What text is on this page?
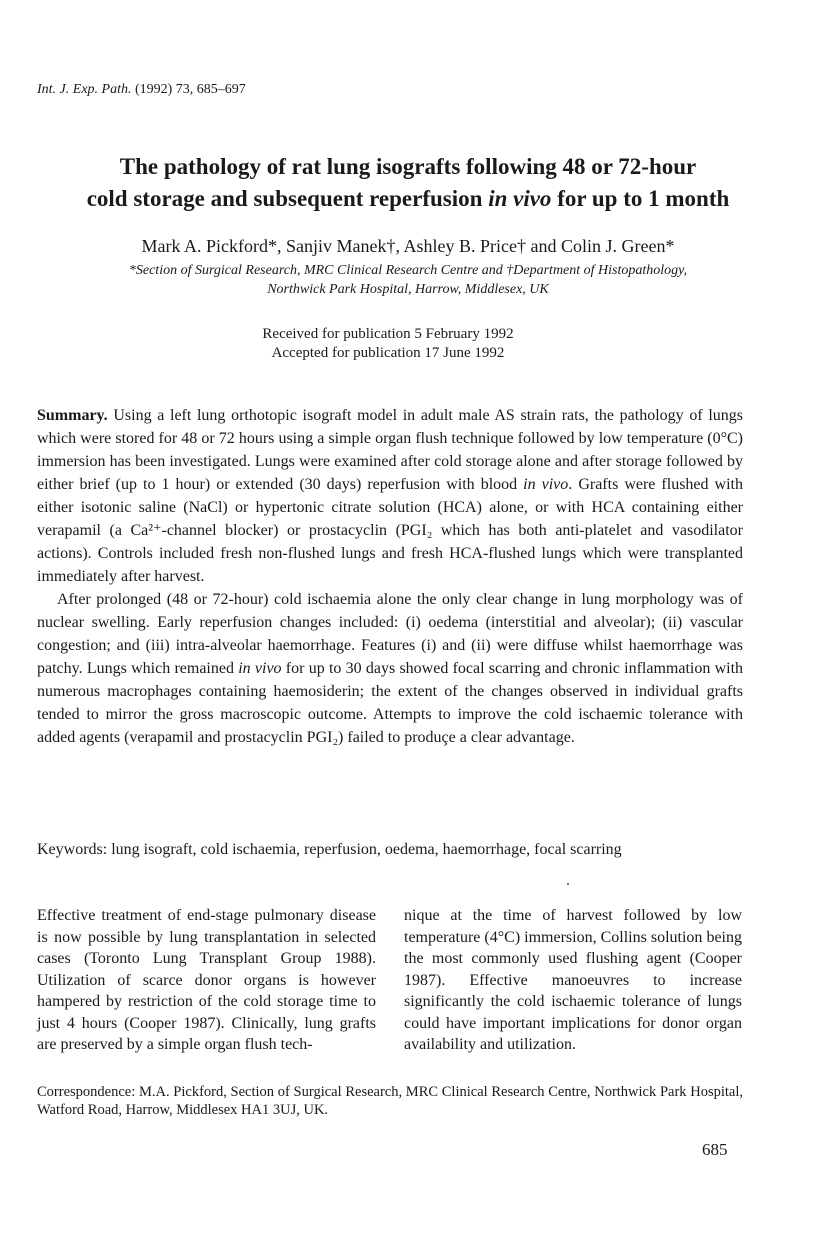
Int. J. Exp. Path. (1992) 73, 685–697
The pathology of rat lung isografts following 48 or 72-hour
cold storage and subsequent reperfusion in vivo for up to 1 month
Mark A. Pickford*, Sanjiv Manek†, Ashley B. Price† and Colin J. Green*
*Section of Surgical Research, MRC Clinical Research Centre and †Department of Histopathology,
Northwick Park Hospital, Harrow, Middlesex, UK
Received for publication 5 February 1992
Accepted for publication 17 June 1992

Summary. Using a left lung orthotopic isograft model in adult male AS strain rats, the pathology of lungs which were stored for 48 or 72 hours using a simple organ flush technique followed by low temperature (0°C) immersion has been investigated. Lungs were examined after cold storage alone and after storage followed by either brief (up to 1 hour) or extended (30 days) reperfusion with blood in vivo. Grafts were flushed with either isotonic saline (NaCl) or hypertonic citrate solution (HCA) alone, or with HCA containing either verapamil (a Ca²⁺-channel blocker) or prostacyclin (PGI₂ which has both anti-platelet and vasodilator actions). Controls included fresh non-flushed lungs and fresh HCA-flushed lungs which were transplanted immediately after harvest.

After prolonged (48 or 72-hour) cold ischaemia alone the only clear change in lung morphology was of nuclear swelling. Early reperfusion changes included: (i) oedema (interstitial and alveolar); (ii) vascular congestion; and (iii) intra-alveolar haemorrhage. Features (i) and (ii) were diffuse whilst haemorrhage was patchy. Lungs which remained in vivo for up to 30 days showed focal scarring and chronic inflammation with numerous macrophages containing haemosiderin; the extent of the changes observed in individual grafts tended to mirror the gross macroscopic outcome. Attempts to improve the cold ischaemic tolerance with added agents (verapamil and prostacyclin PGI₂) failed to produçe a clear advantage.

Keywords: lung isograft, cold ischaemia, reperfusion, oedema, haemorrhage, focal scarring

Effective treatment of end-stage pulmonary disease is now possible by lung transplantation in selected cases (Toronto Lung Transplant Group 1988). Utilization of scarce donor organs is however hampered by restriction of the cold storage time to just 4 hours (Cooper 1987). Clinically, lung grafts are preserved by a simple organ flush tech-

nique at the time of harvest followed by low temperature (4°C) immersion, Collins solution being the most commonly used flushing agent (Cooper 1987). Effective manoeuvres to increase significantly the cold ischaemic tolerance of lungs could have important implications for donor organ availability and utilization.

Correspondence: M.A. Pickford, Section of Surgical Research, MRC Clinical Research Centre, Northwick Park Hospital, Watford Road, Harrow, Middlesex HA1 3UJ, UK.
685
